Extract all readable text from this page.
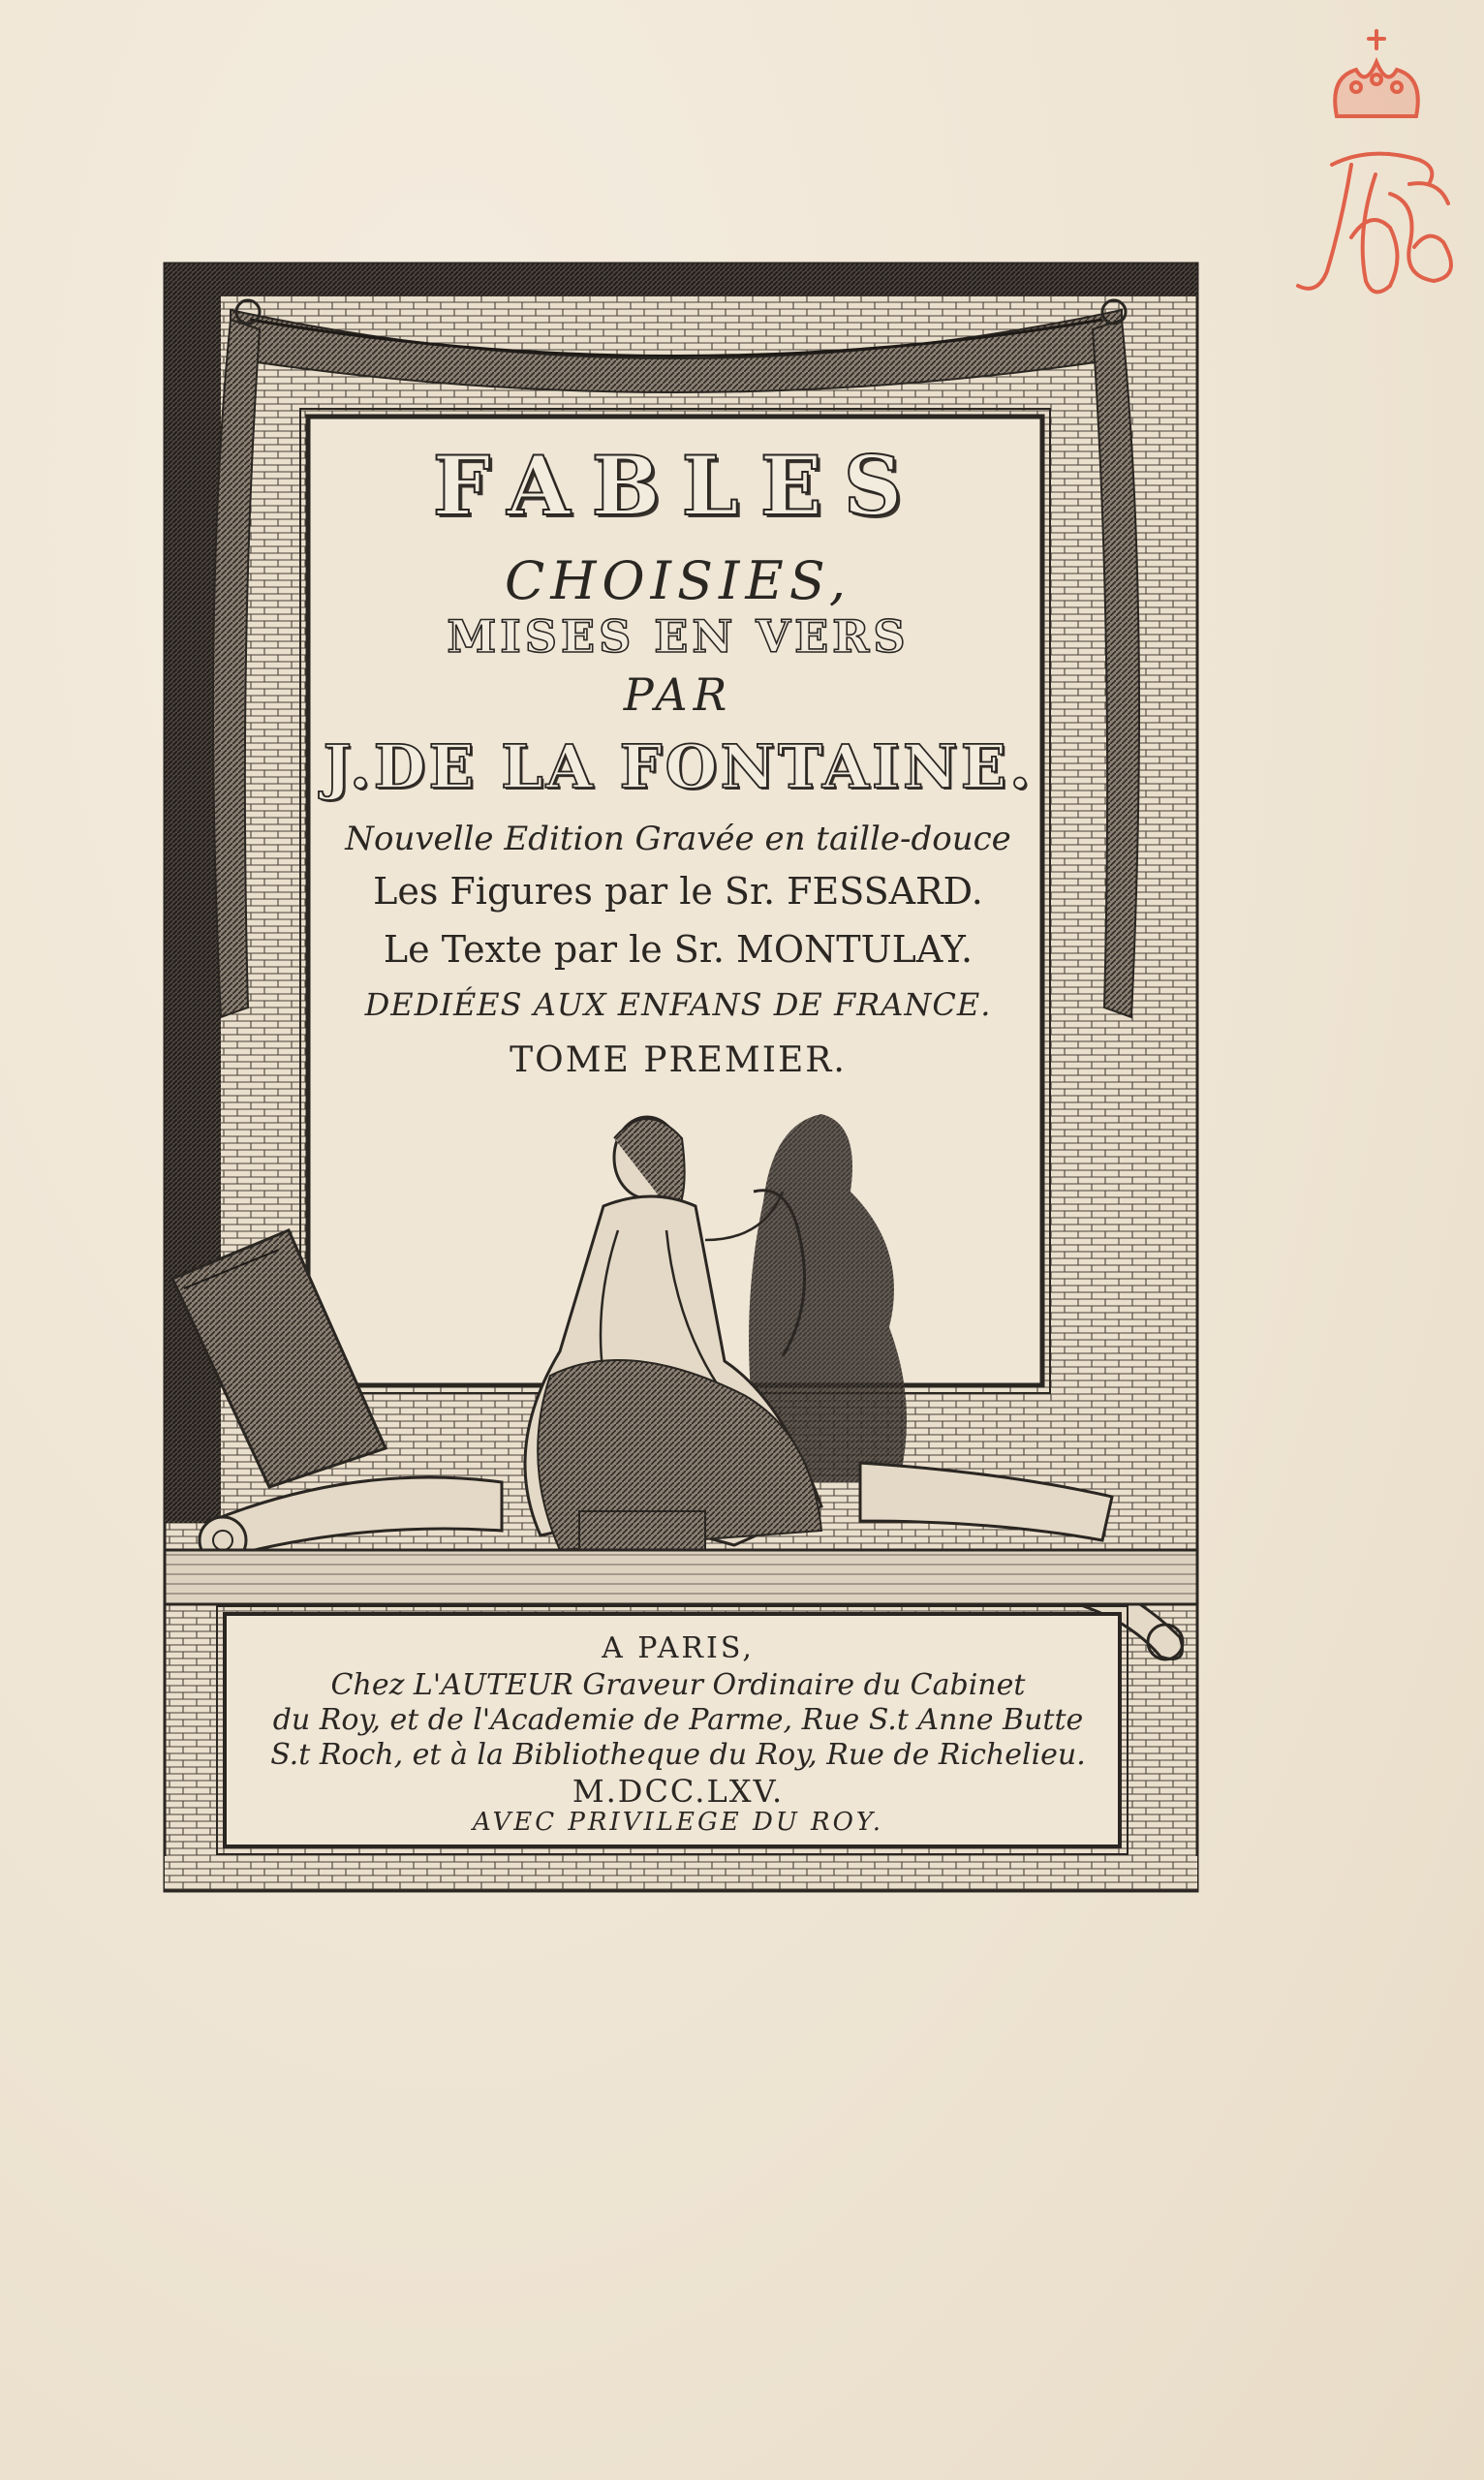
FABLES
CHOISIES,
MISES EN VERS
PAR
J.DE LA FONTAINE.
Nouvelle Edition Gravée en taille-douce
Les Figures par le Sr. FESSARD.
Le Texte par le Sr. MONTULAY.
DEDIÉES AUX ENFANS DE FRANCE.
TOME PREMIER.
A PARIS,
Chez L'AUTEUR Graveur Ordinaire du Cabinet
du Roy, et de l'Academie de Parme, Rue S.t Anne Butte
S.t Roch, et à la Bibliotheque du Roy, Rue de Richelieu.
M.DCC.LXV.
AVEC PRIVILEGE DU ROY.
